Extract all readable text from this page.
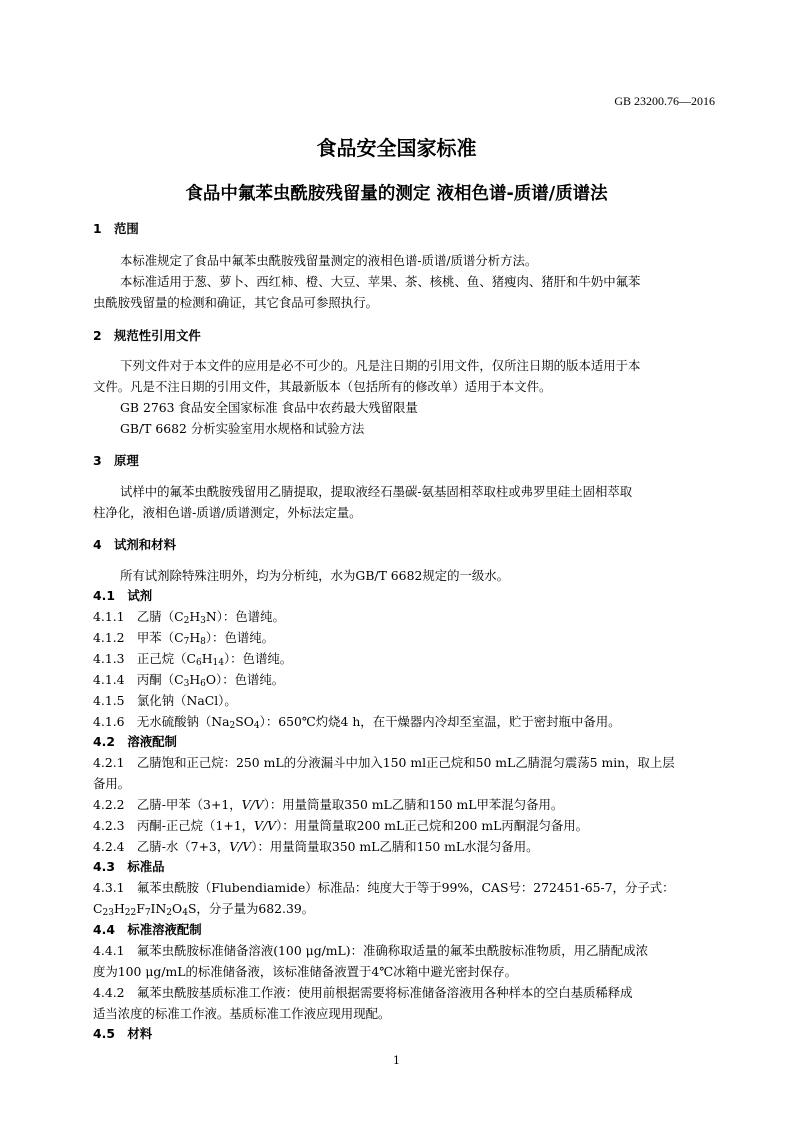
GB 23200.76—2016
食品安全国家标准
食品中氟苯虫酰胺残留量的测定 液相色谱-质谱/质谱法
1　范围
本标准规定了食品中氟苯虫酰胺残留量测定的液相色谱-质谱/质谱分析方法。
本标准适用于葱、萝卜、西红柿、橙、大豆、苹果、茶、核桃、鱼、猪瘦肉、猪肝和牛奶中氟苯
虫酰胺残留量的检测和确证，其它食品可参照执行。
2　规范性引用文件
下列文件对于本文件的应用是必不可少的。凡是注日期的引用文件，仅所注日期的版本适用于本
文件。凡是不注日期的引用文件，其最新版本（包括所有的修改单）适用于本文件。
GB 2763 食品安全国家标准 食品中农药最大残留限量
GB/T 6682 分析实验室用水规格和试验方法
3　原理
试样中的氟苯虫酰胺残留用乙腈提取，提取液经石墨碳-氨基固相萃取柱或弗罗里硅土固相萃取
柱净化，液相色谱-质谱/质谱测定，外标法定量。
4　试剂和材料
所有试剂除特殊注明外，均为分析纯，水为GB/T 6682规定的一级水。
4.1　试剂
4.1.1　乙腈$(C_2H_3N)$：色谱纯。
4.1.2　甲苯$(C_7H_8)$：色谱纯。
4.1.3　正己烷$(C_6H_{14})$：色谱纯。
4.1.4　丙酮$(C_3H_6O)$：色谱纯。
4.1.5　氯化钠（NaCl）。
4.1.6　无水硫酸钠$(Na_2SO_4)$：650℃灼烧4 h，在干燥器内冷却至室温，贮于密封瓶中备用。
4.2　溶液配制
4.2.1　乙腈饱和正己烷：250 mL的分液漏斗中加入150 ml正己烷和50 mL乙腈混匀震荡5 min，取上层
备用。
4.2.2　乙腈-甲苯（3+1，V/V）：用量筒量取350 mL乙腈和150 mL甲苯混匀备用。
4.2.3　丙酮-正己烷（1+1，V/V）：用量筒量取200 mL正己烷和200 mL丙酮混匀备用。
4.2.4　乙腈-水（7+3，V/V）：用量筒量取350 mL乙腈和150 mL水混匀备用。
4.3　标准品
4.3.1　氟苯虫酰胺（Flubendiamide）标准品：纯度大于等于99%，CAS号：272451-65-7，分子式：
$C_{23}H_{22}F_7IN_2O_4S$，分子量为682.39。
4.4　标准溶液配制
4.4.1　氟苯虫酰胺标准储备溶液(100 μg/mL)：准确称取适量的氟苯虫酰胺标准物质，用乙腈配成浓
度为100 μg/mL的标准储备液，该标准储备液置于4℃冰箱中避光密封保存。
4.4.2　氟苯虫酰胺基质标准工作液：使用前根据需要将标准储备溶液用各种样本的空白基质稀释成
适当浓度的标准工作液。基质标准工作液应现用现配。
4.5　材料
1
